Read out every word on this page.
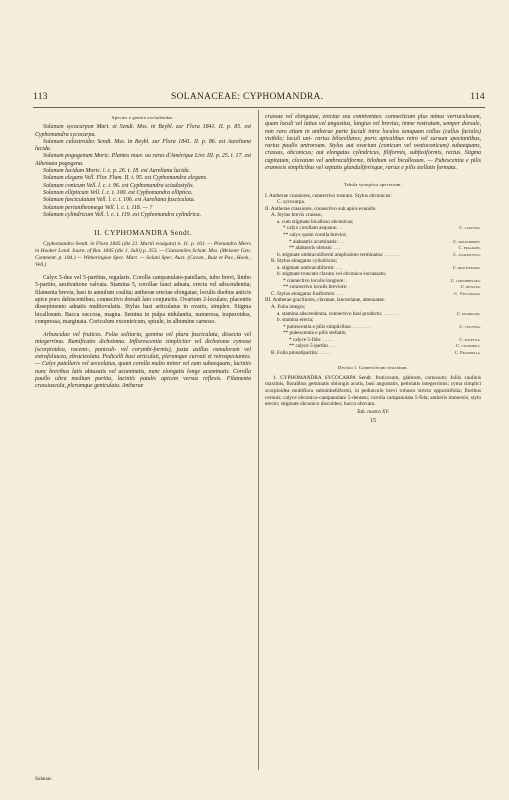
113	SOLANACEAE: CYPHOMANDRA.	114

Species e genere excludendae.

Solanum sycocarpon Mart. et Sendt. Mss. in Beybl. zur Flora 1841. II. p. 85. est Cyphomandra sycocarpa.

Solanum calostroides Sendt. Mss. in Beybl. zur Flora 1841. II. p. 86. est Aureliana lucida.

Solanum pogogenum Moric. Plantes nouv. ou rares d'Amérique Livr. III. p. 25. t. 17. est Athenaea pogogena.

Solanum lucidum Moric. l. c. p. 26. t. 18. est Aureliana lucida.

Solanum elegans Vell. Flor. Flum. II. t. 95. est Cyphomandra elegans.

Solanum conicum Vell. l. c. t. 96. est Cyphomandra sciadostylis.

Solanum ellipticum Vell. l. c. t. 100. est Cyphomandra elliptica.

Solanum fasciculatum Vell. l. c. t. 106. est Aureliana fasciculata.

Solanum periantheomega Vell. l. c. t. 118. — ?

Solanum cylindricum Vell. l. c. t. 119. est Cyphomandra cylindrica.

II. CYPHOMANDRA Sendt.

Cyphomandra Sendt. in Flora 1845 (die 21. Martii evulgata) n. 11. p. 161. — Pionandra Miers in Hooker Lond. Journ. of Bot. 1845 (die 1. Julii) p. 353. — Ciatosmiles Schott. Mss. (Meisner Gen. Comment. p. 184.) — Witheringiae Spec. Mart. — Solani Spec. Auct. (Cavan., Ruiz et Pav., Hook., Vell.)

Calyx 5-dus vel 5-partitus, regularis. Corolla campanulato-patellaris, tubo brevi, limbo 5-partito, aestivatione valvata. Stamina 5, corollae fauci adnata, erecta vel adscendentia; filamenta brevia, basi in annulum coalita; antherae erectae elongatae, loculis duobus anticis apice poro dehiscentibus, connectivo dorsali lato conjunctis. Ovarium 2-loculare, placentis dissepimento adnatis multiovulatis. Stylus basi articulatus in ovario, simplex. Stigma bicallosum. Bacca succosa, magna. Semina in pulpa nidulantia, numerosa, trapezoidea, compressa, marginata. Coriculum excentricum, spirale, in albumine carnoso.

Arbusculae vel frutices. Folia solitaria, gemina vel plura fasciculata, dissecta vel integerrima. Ramificatio dichotoma. Inflorescentia simpliciter vel dichotome cymosa (scorpioidea, racemi-, paniculi- vel corymbi-formis), juxta axillas ramulorum vel extrafoliacea, ebracteolata. Pedicelli basi articulati, plerumque curvati et retrospectantes. — Calyx patellaris vel urceolatus, quam corolla multo minor vel eam subaequans, laciniis nunc brevibus latis obtusatis vel acuminatis, nunc elongatis longe acuminatis. Corolla paullo ultra medium partita, laciniis patulis apicem versus reflexis. Filamenta crassiuscula, plerumque geniculata. Antherae

Solanac.

crassae vel elongatae, erectae seu conniventes: connecticum plus minus verruculosum, quam loculi vel latius vel angustius, longius vel brevius, imme rostratum, semper dorsale, non raro etiam in antherae parte faciali intra loculos tamquam callus (callus facialis) visibile; loculi uni- rarius bilocellares; poris apicalibus retro vel sursum spectantibus, rarius paullo antrorsum. Stylus aut ovarium (conicum vel ovatoconicum) subaequans, crassus, obconicus; aut elongatus cylindricus, filiformis, subfusiformis, rectus. Stigma capitatum, clavatum vel umbraculiforme, bilobum vel bicallosum. — Pubescentia e pilis eramosis simplicibus vel septatis glanduliferisque, rarius e pilis stellatis formata.

Tabula synoptica specierum.

I. Antherae crassiores, connectivo rostrato. Stylus obconicus:
C. sycocarpa.
II. Antherae crassiores, connectivo sub apice evanido.
A. Stylus brevis crassus;
a. cum stigmate bicalloso obconicus;
* calyx corollam aequans: . .	C. calycina.
** calyx quam corolla brevior;
* alabastris acuminatis: . .	C. dolochoides.
** alabastris obtusis: . . .	C. fragrans.
b. stigmate umbraculiformi amplissimo terminatus: . . . . . .	C. sciadostylis.
B. Stylus elongatus cylindricus;
a. stigmate umbraculiformi: . . .	C. brachypodia.
b. stigmate truncato clavato vel obconico-incrassato;
* connectivo loculis longiore: .	C. corymbiflora.
** connectivo loculis breviore: .	C. betacea.
C. Stylus elongatus fusiformis: . . .	C. Velloziana.
III. Antherae graciliores, clavatae, lanceolatae, attenuatae.
A. Folia integra;
a. stamina adscendentia, connectivo basi producto: . . . . . .	C. divaricata.
b. stamina erecta;
* pubescentia e pilis simplicibus: . . . . . . .	C. velutina.
** pubescentia e pilis stellatis;
* calyce 5-fido: . . . .	C. elliptica.
** calyce 5-partito . . .	C. cylindrica.
B. Folia pinnatipartita: . . . . .	C. Fraxinella.

Divisio I. Connectivum rostratum.

1. CYPHOMANDRA SYCOCARPA Sendt. fruticosum, glabrum, carnosum; foliis caulinis maximis, floralibus geminatis oblongis acutis, basi angustatis, petiolatis integerrimis; cyma simplici scorpioidea multiflora subumbelliformi, in pedunculo brevi robusto stricto oppositifolia; floribus cernuis; calyce obconico-campanulato 5-dentato; corolla campanulata 5-fida; antheris immersis; stylo erecto; stigmate obconico discoideo; bacca obovata.

Tab. nostra XV.

15
